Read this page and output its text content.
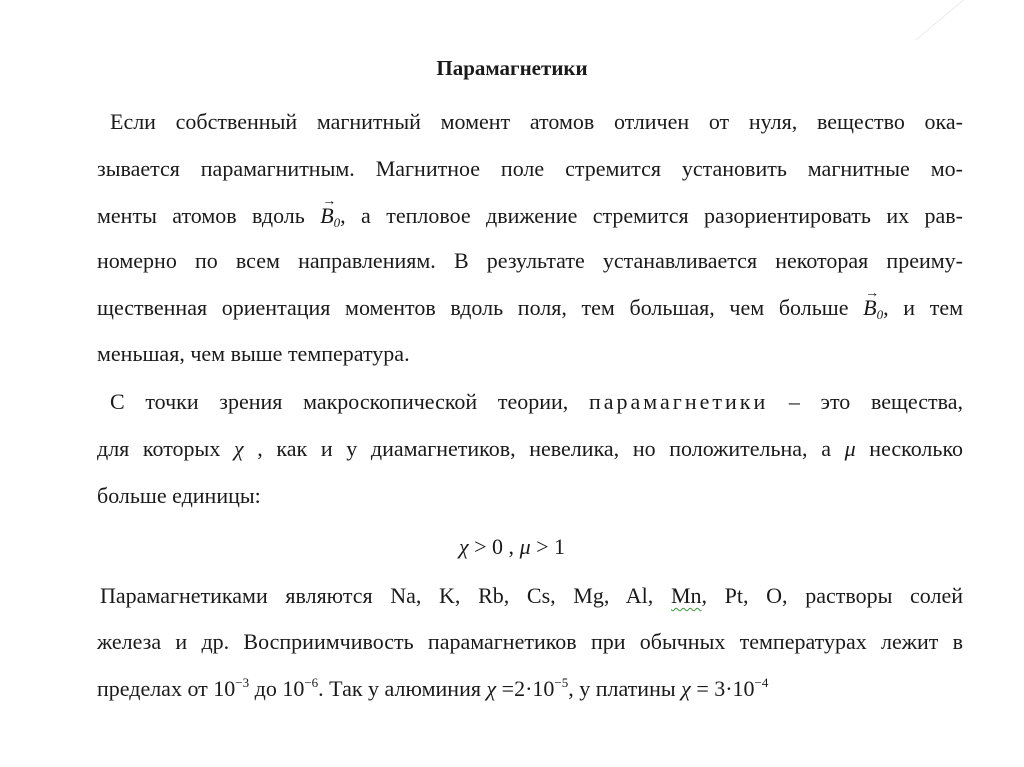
Парамагнетики
Если собственный магнитный момент атомов отличен от нуля, вещество ока-
зывается парамагнитным. Магнитное поле стремится установить магнитные мо-
менты атомов вдоль → $B_0$, а тепловое движение стремится разориентировать их рав-
номерно по всем направлениям. В результате устанавливается некоторая преиму-
щественная ориентация моментов вдоль поля, тем большая, чем больше → $B_0$, и тем
меньшая, чем выше температура.
С точки зрения макроскопической теории, парамагнетики – это вещества,
для которых χ , как и у диамагнетиков, невелика, но положительна, а μ несколько
больше единицы:
χ > 0 , μ > 1
Парамагнетиками являются Na, K, Rb, Cs, Mg, Al, Mn, Pt, O, растворы солей
железа и др. Восприимчивость парамагнетиков при обычных температурах лежит в
пределах от $10^{-3}$ до $10^{-6}$. Так у алюминия $\chi =2\cdot 10^{-5}$, у платины $\chi = 3\cdot 10^{-4}$
